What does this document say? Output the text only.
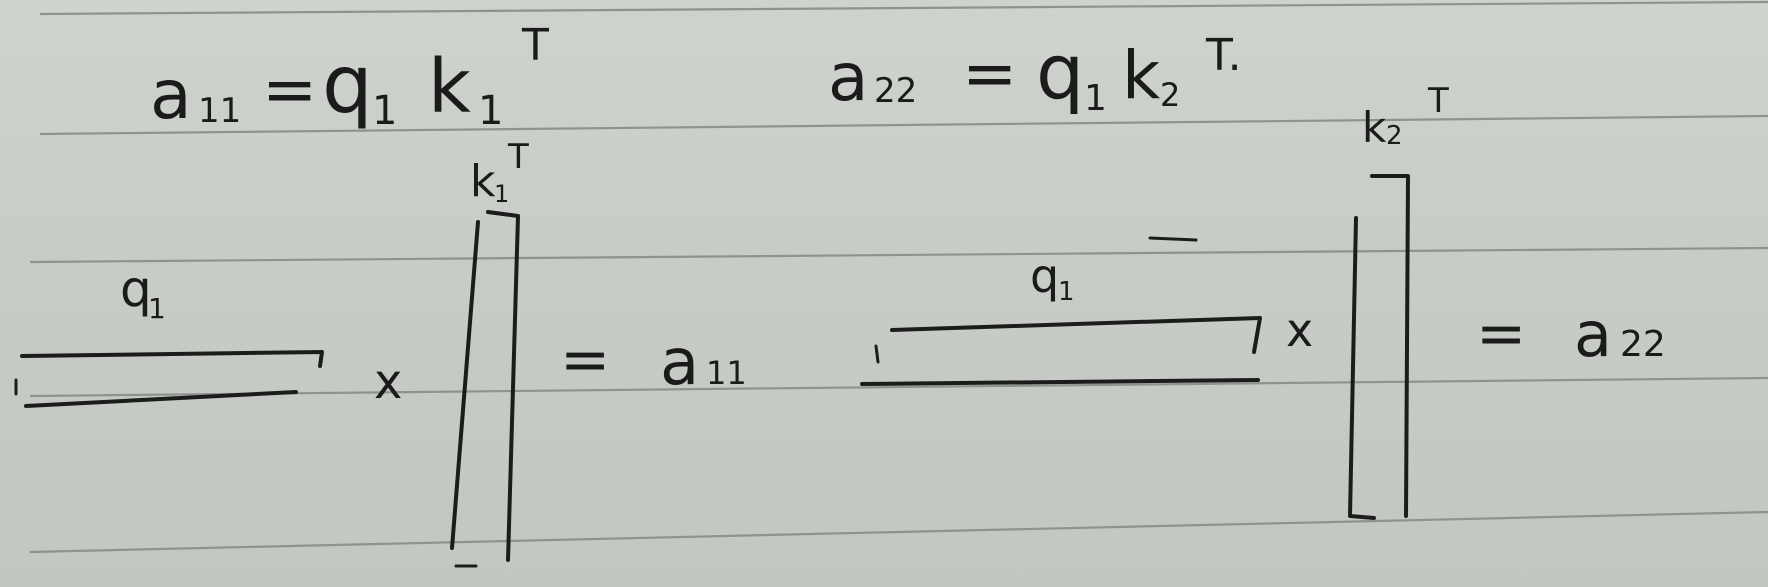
a 11 = q 1 k 1
T	a 22 = q 1 k 2
T.
q
1
x
k
1
T
= a 11
q
1
x
k 2
T
= a 22
